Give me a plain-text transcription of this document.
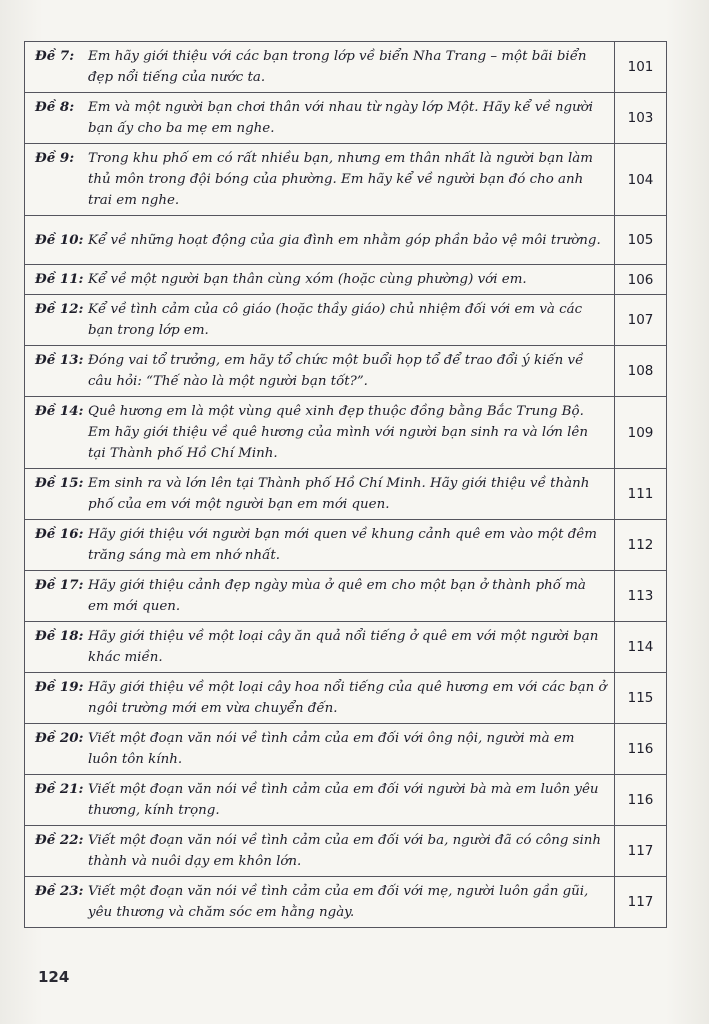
Đề 7: Em hãy giới thiệu với các bạn trong lớp về biển Nha Trang – một bãi biển đẹp nổi tiếng của nước ta.	101

Đề 8: Em và một người bạn chơi thân với nhau từ ngày lớp Một. Hãy kể về người bạn ấy cho ba mẹ em nghe.	103

Đề 9: Trong khu phố em có rất nhiều bạn, nhưng em thân nhất là người bạn làm thủ môn trong đội bóng của phường. Em hãy kể về người bạn đó cho anh trai em nghe.	104

Đề 10: Kể về những hoạt động của gia đình em nhằm góp phần bảo vệ môi trường.	105

Đề 11: Kể về một người bạn thân cùng xóm (hoặc cùng phường) với em.	106

Đề 12: Kể về tình cảm của cô giáo (hoặc thầy giáo) chủ nhiệm đối với em và các bạn trong lớp em.	107

Đề 13: Đóng vai tổ trưởng, em hãy tổ chức một buổi họp tổ để trao đổi ý kiến về câu hỏi: “Thế nào là một người bạn tốt?”.	108

Đề 14: Quê hương em là một vùng quê xinh đẹp thuộc đồng bằng Bắc Trung Bộ. Em hãy giới thiệu về quê hương của mình với người bạn sinh ra và lớn lên tại Thành phố Hồ Chí Minh.	109

Đề 15: Em sinh ra và lớn lên tại Thành phố Hồ Chí Minh. Hãy giới thiệu về thành phố của em với một người bạn em mới quen.	111

Đề 16: Hãy giới thiệu với người bạn mới quen về khung cảnh quê em vào một đêm trăng sáng mà em nhớ nhất.	112

Đề 17: Hãy giới thiệu cảnh đẹp ngày mùa ở quê em cho một bạn ở thành phố mà em mới quen.	113

Đề 18: Hãy giới thiệu về một loại cây ăn quả nổi tiếng ở quê em với một người bạn khác miền.	114

Đề 19: Hãy giới thiệu về một loại cây hoa nổi tiếng của quê hương em với các bạn ở ngôi trường mới em vừa chuyển đến.	115

Đề 20: Viết một đoạn văn nói về tình cảm của em đối với ông nội, người mà em luôn tôn kính.	116

Đề 21: Viết một đoạn văn nói về tình cảm của em đối với người bà mà em luôn yêu thương, kính trọng.	116

Đề 22: Viết một đoạn văn nói về tình cảm của em đối với ba, người đã có công sinh thành và nuôi dạy em khôn lớn.	117

Đề 23: Viết một đoạn văn nói về tình cảm của em đối với mẹ, người luôn gần gũi, yêu thương và chăm sóc em hằng ngày.	117
124
